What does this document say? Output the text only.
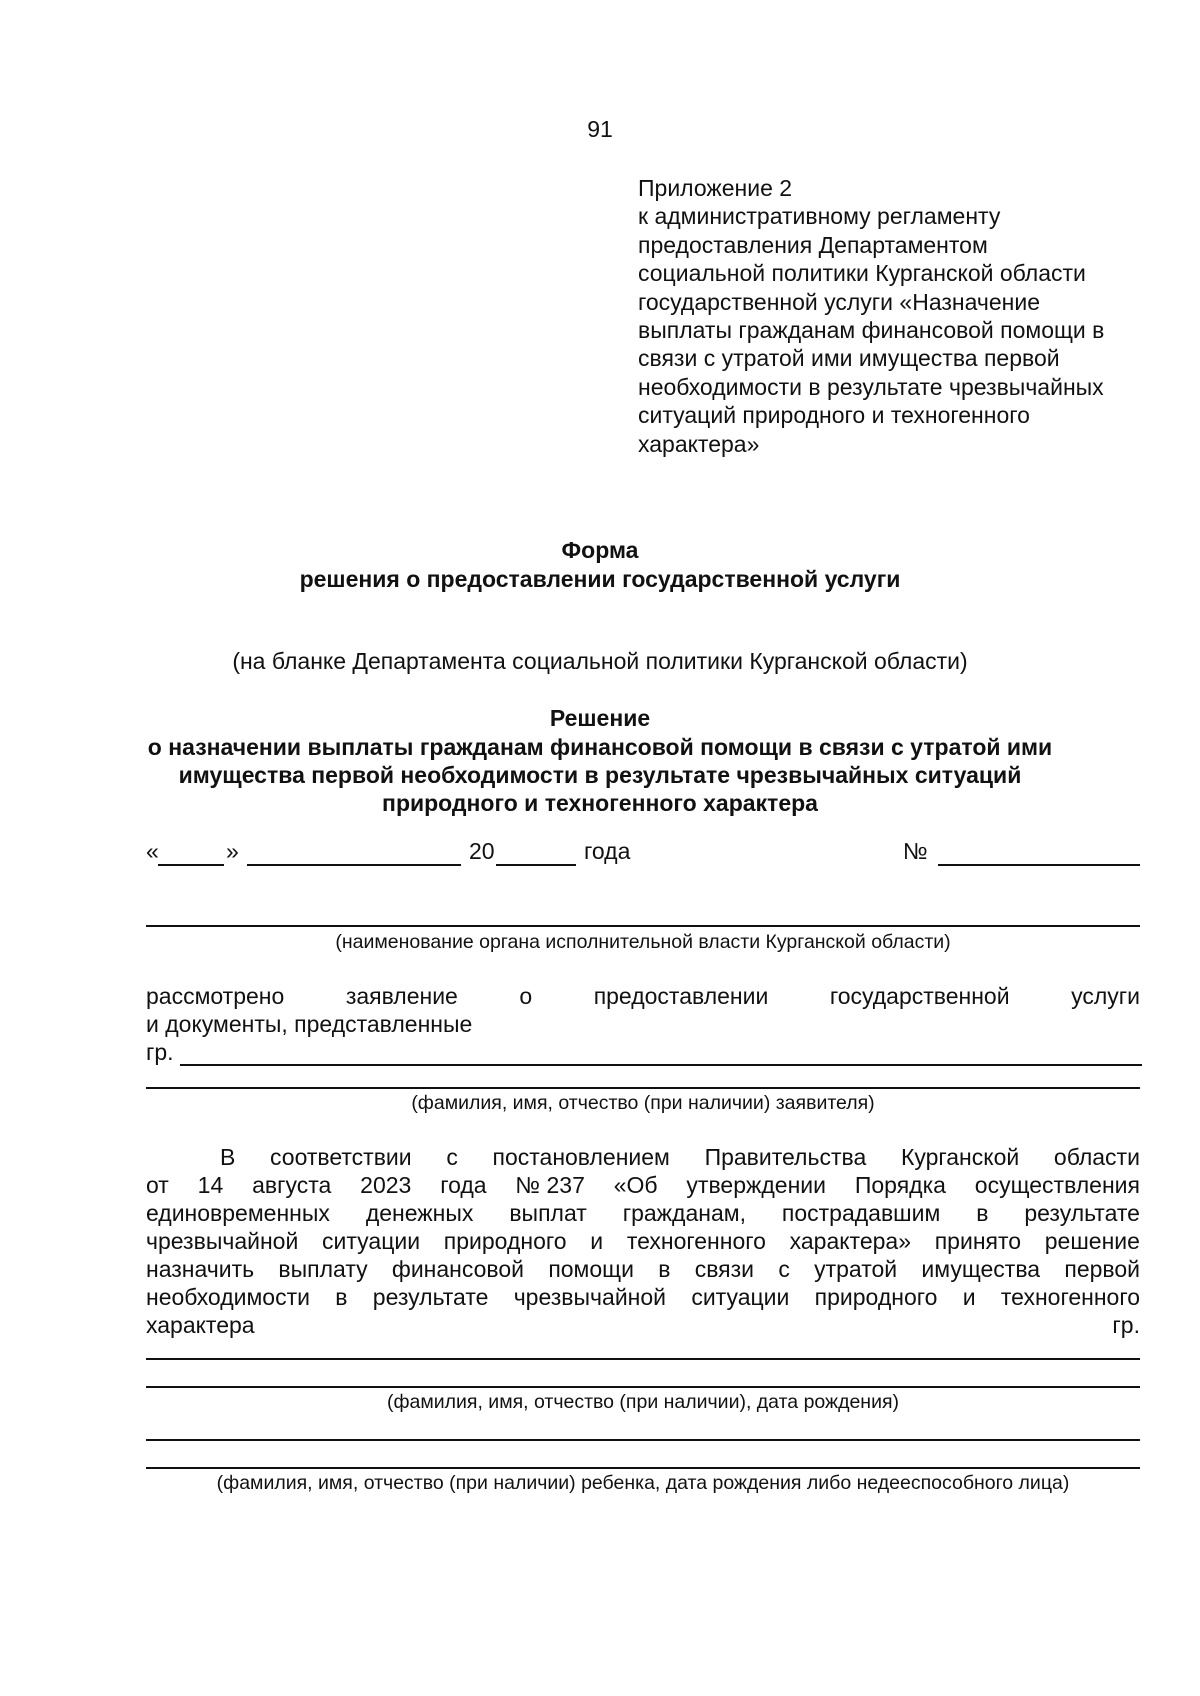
91
Приложение 2
к административному регламенту
предоставления Департаментом
социальной политики Курганской области
государственной услуги «Назначение
выплаты гражданам финансовой помощи в
связи с утратой ими имущества первой
необходимости в результате чрезвычайных
ситуаций природного и техногенного
характера»
Форма
решения о предоставлении государственной услуги
(на бланке Департамента социальной политики Курганской области)
Решение
о назначении выплаты гражданам финансовой помощи в связи с утратой ими
имущества первой необходимости в результате чрезвычайных ситуаций
природного и техногенного характера
«	»	20	года	№
(наименование органа исполнительной власти Курганской области)
рассмотрено	заявление	о	предоставлении	государственной	услуги
и документы, представленные
гр.
(фамилия, имя, отчество (при наличии) заявителя)
В соответствии с постановлением Правительства Курганской области
от 14 августа 2023 года № 237 «Об утверждении Порядка осуществления
единовременных денежных выплат гражданам, пострадавшим в результате
чрезвычайной ситуации природного и техногенного характера» принято решение
назначить выплату финансовой помощи в связи с утратой имущества первой
необходимости в результате чрезвычайной ситуации природного и техногенного
характера	гр.
(фамилия, имя, отчество (при наличии), дата рождения)
(фамилия, имя, отчество (при наличии) ребенка, дата рождения либо недееспособного лица)
